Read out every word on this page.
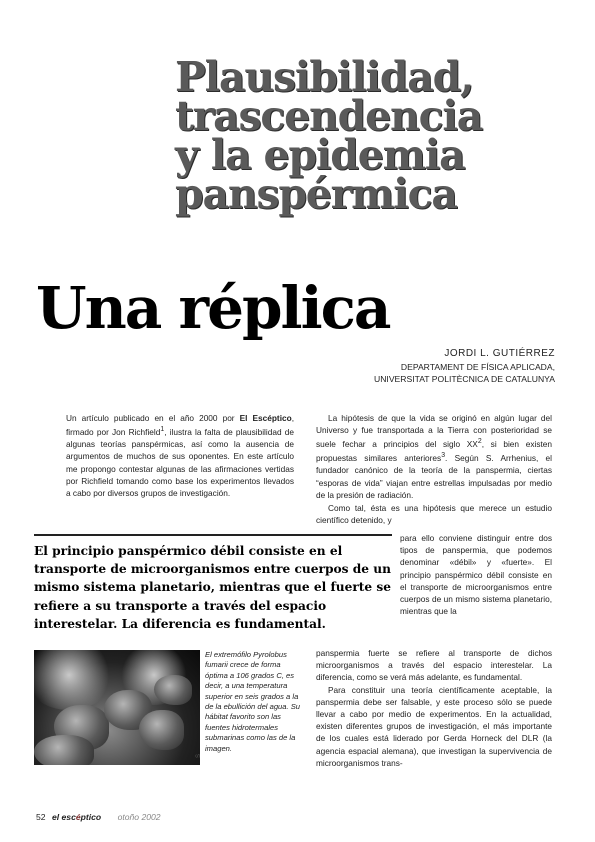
Plausibilidad,
trascendencia
y la epidemia
panspérmica
Una réplica
JORDI L. GUTIÉRREZ
DEPARTAMENT DE FÍSICA APLICADA,
UNIVERSITAT POLITÈCNICA DE CATALUNYA

Un artículo publicado en el año 2000 por El Escéptico, firmado por Jon Richfield$^1$, ilustra la falta de plausibilidad de algunas teorías panspérmicas, así como la ausencia de argumentos de muchos de sus oponentes. En este artículo me propongo contestar algunas de las afirmaciones vertidas por Richfield tomando como base los experimentos llevados a cabo por diversos grupos de investigación.

La hipótesis de que la vida se originó en algún lugar del Universo y fue transportada a la Tierra con posterioridad se suele fechar a principios del siglo $XX^2$, si bien existen propuestas similares anteriores$^3$. Según S. Arrhenius, el fundador canónico de la teoría de la panspermia, ciertas “esporas de vida” viajan entre estrellas impulsadas por medio de la presión de radiación.

Como tal, ésta es una hipótesis que merece un estudio científico detenido, y

para ello conviene distinguir entre dos tipos de panspermia, que podemos denominar «débil» y «fuerte». El principio panspérmico débil consiste en el transporte de microorganismos entre cuerpos de un mismo sistema planetario, mientras que la

panspermia fuerte se refiere al transporte de dichos microorganismos a través del espacio interestelar. La diferencia, como se verá más adelante, es fundamental.

Para constituir una teoría científicamente aceptable, la panspermia debe ser falsable, y este proceso sólo se puede llevar a cabo por medio de experimentos. En la actualidad, existen diferentes grupos de investigación, el más importante de los cuales está liderado por Gerda Horneck del DLR (la agencia espacial alemana), que investigan la supervivencia de microorganismos trans-

El principio panspérmico débil consiste en el transporte de microorganismos entre cuerpos de un mismo sistema planetario, mientras que el fuerte se refiere a su transporte a través del espacio interestelar. La diferencia es fundamental.
S
El extremófilo Pyrolobus fumarii crece de forma óptima a 106 grados C, es decir, a una temperatura superior en seis grados a la de la ebullición del agua. Su hábitat favorito son las fuentes hidrotermales submarinas como las de la imagen.
52 el escéptico otoño 2002
